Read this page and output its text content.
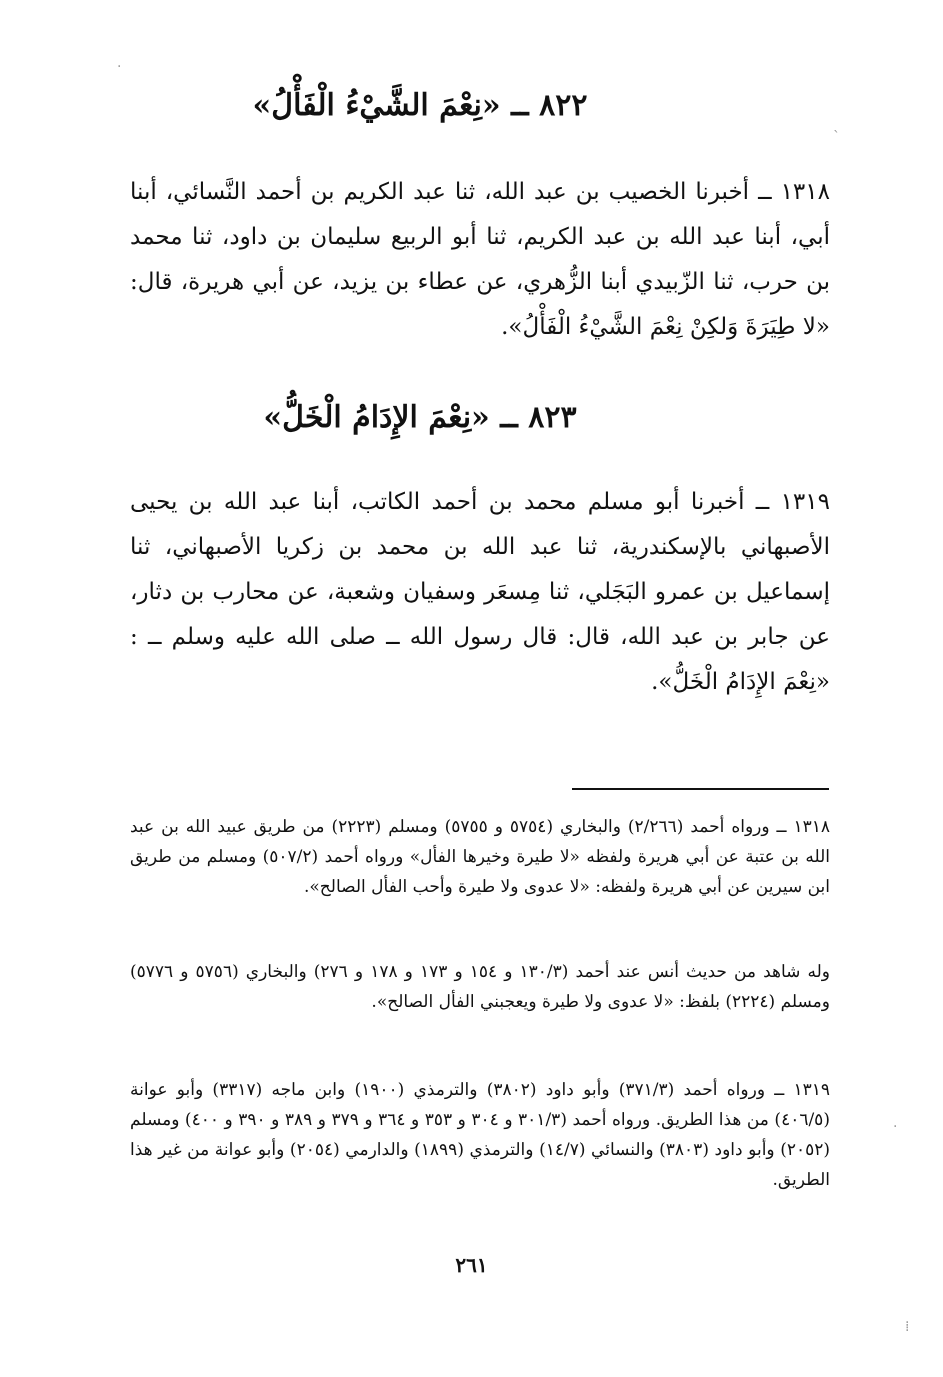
٨٢٢ ــ «نِعْمَ الشَّيْءُ الْفَأْلُ»
١٣١٨ ــ أخبرنا الخصيب بن عبد الله، ثنا عبد الكريم بن أحمد النَّسائي، أبنا أبي، أبنا عبد الله بن عبد الكريم، ثنا أبو الربيع سليمان بن داود، ثنا محمد بن حرب، ثنا الزّبيدي أبنا الزُّهري، عن عطاء بن يزيد، عن أبي هريرة، قال: «لا طِيَرَةَ وَلكِنْ نِعْمَ الشَّيْءُ الْفَأْلُ».
٨٢٣ ــ «نِعْمَ الإِدَامُ الْخَلُّ»
١٣١٩ ــ أخبرنا أبو مسلم محمد بن أحمد الكاتب، أبنا عبد الله بن يحيى الأصبهاني بالإسكندرية، ثنا عبد الله بن محمد بن زكريا الأصبهاني، ثنا إسماعيل بن عمرو البَجَلي، ثنا مِسعَر وسفيان وشعبة، عن محارب بن دثار، عن جابر بن عبد الله، قال: قال رسول الله ــ صلى الله عليه وسلم ــ : «نِعْمَ الإِدَامُ الْخَلُّ».
١٣١٨ ــ ورواه أحمد (٢/٢٦٦) والبخاري (٥٧٥٤ و ٥٧٥٥) ومسلم (٢٢٢٣) من طريق عبيد الله بن عبد الله بن عتبة عن أبي هريرة ولفظه «لا طيرة وخيرها الفأل» ورواه أحمد (٥٠٧/٢) ومسلم من طريق ابن سيرين عن أبي هريرة ولفظه: «لا عدوى ولا طيرة وأحب الفأل الصالح».
وله شاهد من حديث أنس عند أحمد (١٣٠/٣ و ١٥٤ و ١٧٣ و ١٧٨ و ٢٧٦) والبخاري (٥٧٥٦ و ٥٧٧٦) ومسلم (٢٢٢٤) بلفظ: «لا عدوى ولا طيرة ويعجبني الفأل الصالح».
١٣١٩ ــ ورواه أحمد (٣٧١/٣) وأبو داود (٣٨٠٢) والترمذي (١٩٠٠) وابن ماجه (٣٣١٧) وأبو عوانة (٤٠٦/٥) من هذا الطريق. ورواه أحمد (٣٠١/٣ و ٣٠٤ و ٣٥٣ و ٣٦٤ و ٣٧٩ و ٣٨٩ و ٣٩٠ و ٤٠٠) ومسلم (٢٠٥٢) وأبو داود (٣٨٠٣) والنسائي (١٤/٧) والترمذي (١٨٩٩) والدارمي (٢٠٥٤) وأبو عوانة من غير هذا الطريق.
٢٦١
·
ˎ
·
⁞
